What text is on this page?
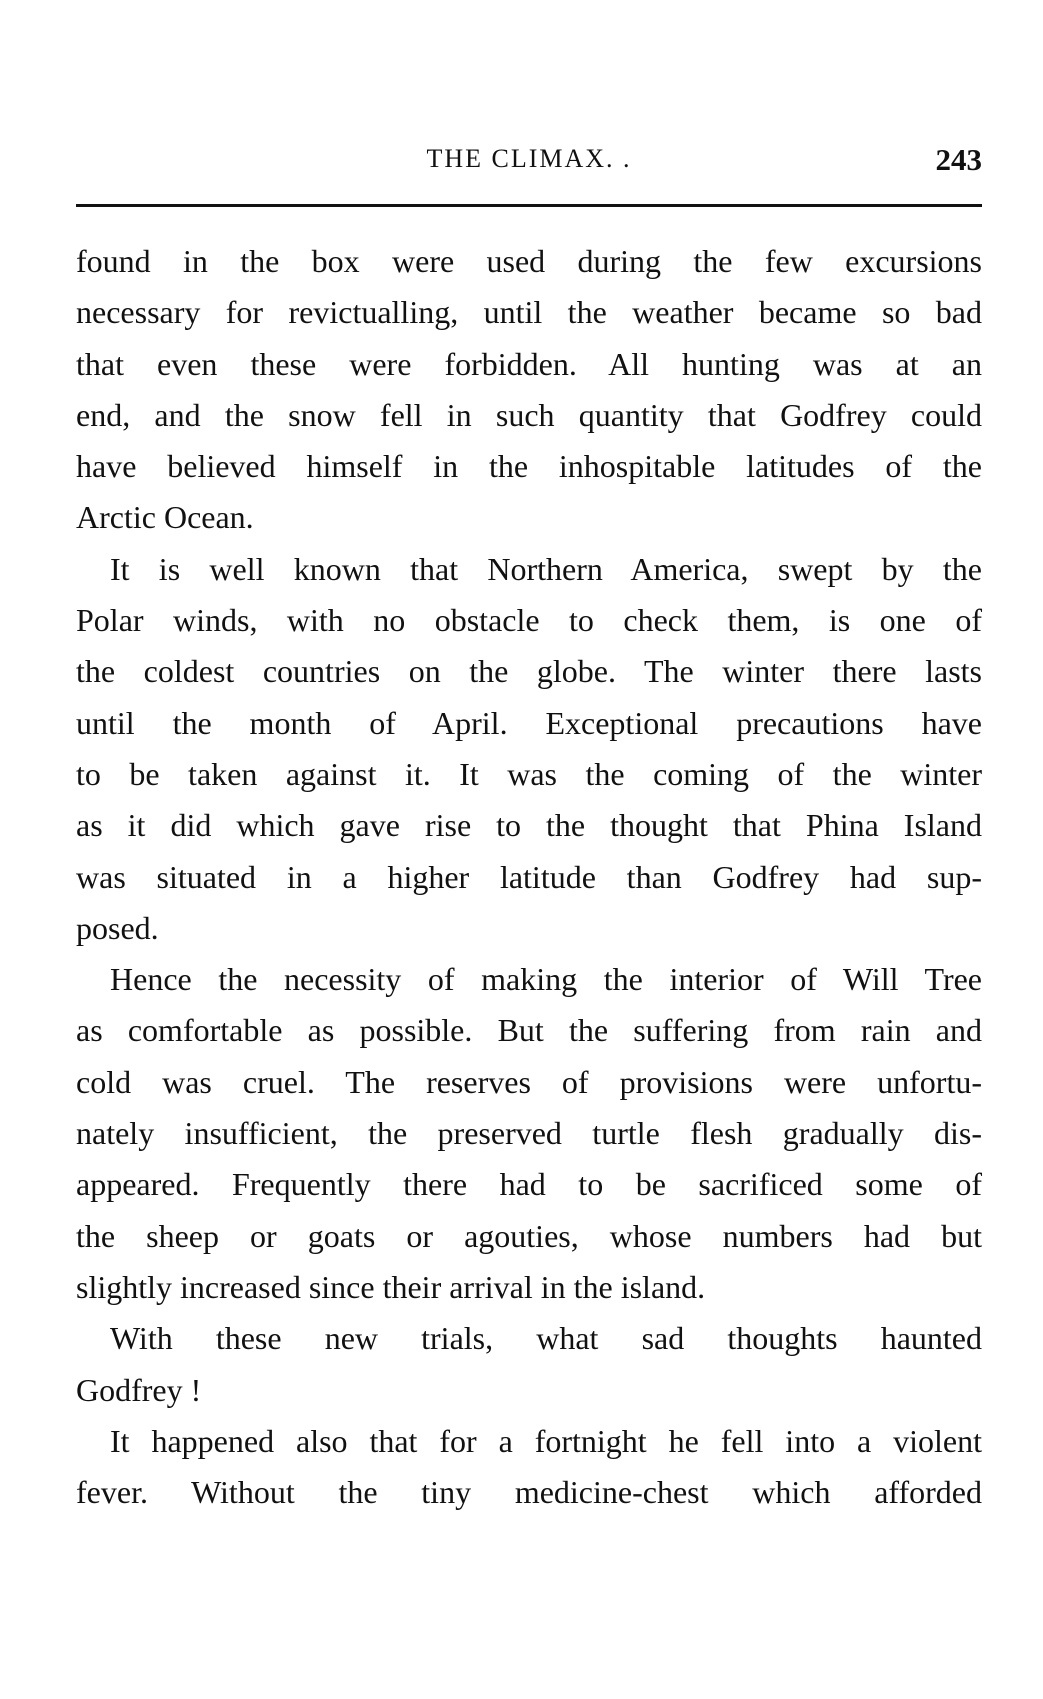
THE CLIMAX. .	243
found in the box were used during the few excursions
necessary for revictualling, until the weather became so bad
that even these were forbidden. All hunting was at an
end, and the snow fell in such quantity that Godfrey could
have believed himself in the inhospitable latitudes of the
Arctic Ocean.
It is well known that Northern America, swept by the
Polar winds, with no obstacle to check them, is one of
the coldest countries on the globe. The winter there lasts
until the month of April. Exceptional precautions have
to be taken against it. It was the coming of the winter
as it did which gave rise to the thought that Phina Island
was situated in a higher latitude than Godfrey had sup-
posed.
Hence the necessity of making the interior of Will Tree
as comfortable as possible. But the suffering from rain and
cold was cruel. The reserves of provisions were unfortu-
nately insufficient, the preserved turtle flesh gradually dis-
appeared. Frequently there had to be sacrificed some of
the sheep or goats or agouties, whose numbers had but
slightly increased since their arrival in the island.
With these new trials, what sad thoughts haunted
Godfrey !
It happened also that for a fortnight he fell into a violent
fever. Without the tiny medicine-chest which afforded
